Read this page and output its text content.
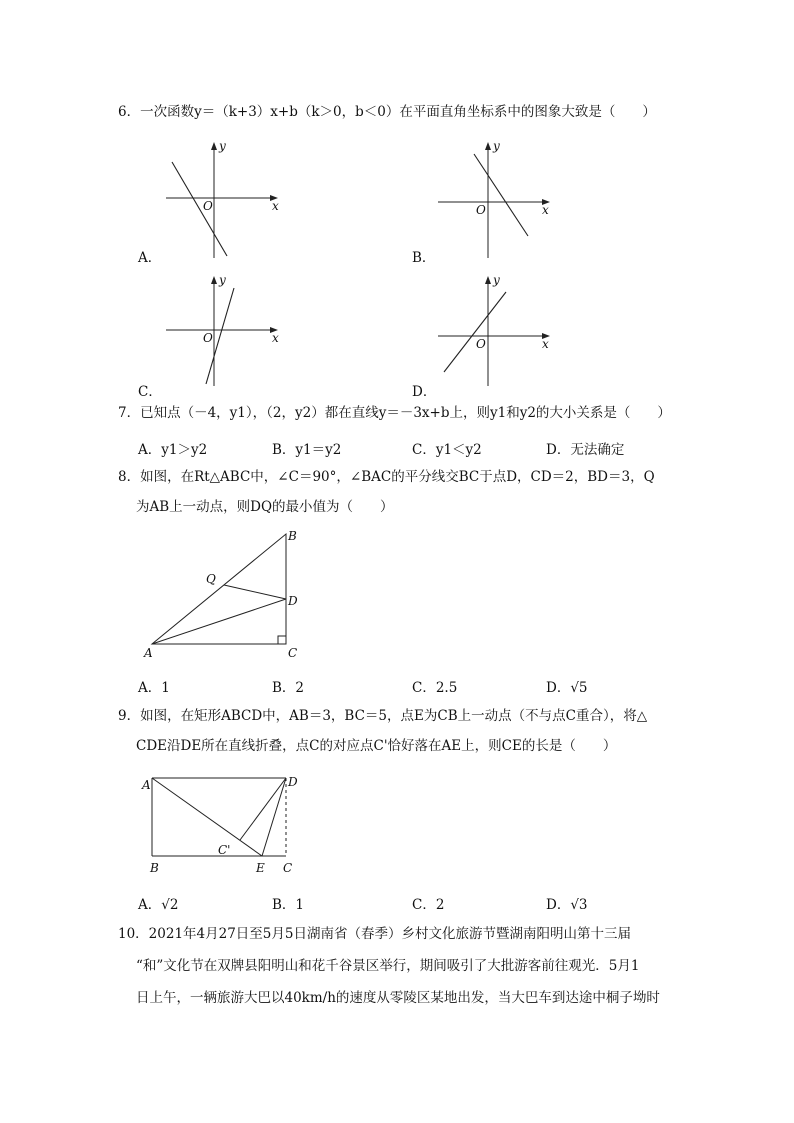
6．一次函数y＝（k+3）x+b（k＞0，b＜0）在平面直角坐标系中的图象大致是（　　）
x
y
O
A．
x
y
O
B．
x
y
O
C．
x
y
O
D．
7．已知点（－4，y1），（2，y2）都在直线y＝－3x+b上，则y1和y2的大小关系是（　　）
A．y1＞y2	B．y1＝y2	C．y1＜y2	D．无法确定
8．如图，在Rt△ABC中，∠C＝90°，∠BAC的平分线交BC于点D，CD＝2，BD＝3，Q
为AB上一动点，则DQ的最小值为（　　）
A
B
C
D
Q
A．1	B．2	C．2.5	D．√5
9．如图，在矩形ABCD中，AB＝3，BC＝5，点E为CB上一动点（不与点C重合），将△
CDE沿DE所在直线折叠，点C的对应点C'恰好落在AE上，则CE的长是（　　）
A	D
B	E C
C'
A．√2	B．1	C．2	D．√3
10．2021年4月27日至5月5日湖南省（春季）乡村文化旅游节暨湖南阳明山第十三届
“和”文化节在双牌县阳明山和花千谷景区举行，期间吸引了大批游客前往观光．5月1
日上午，一辆旅游大巴以40km/h的速度从零陵区某地出发，当大巴车到达途中桐子坳时
